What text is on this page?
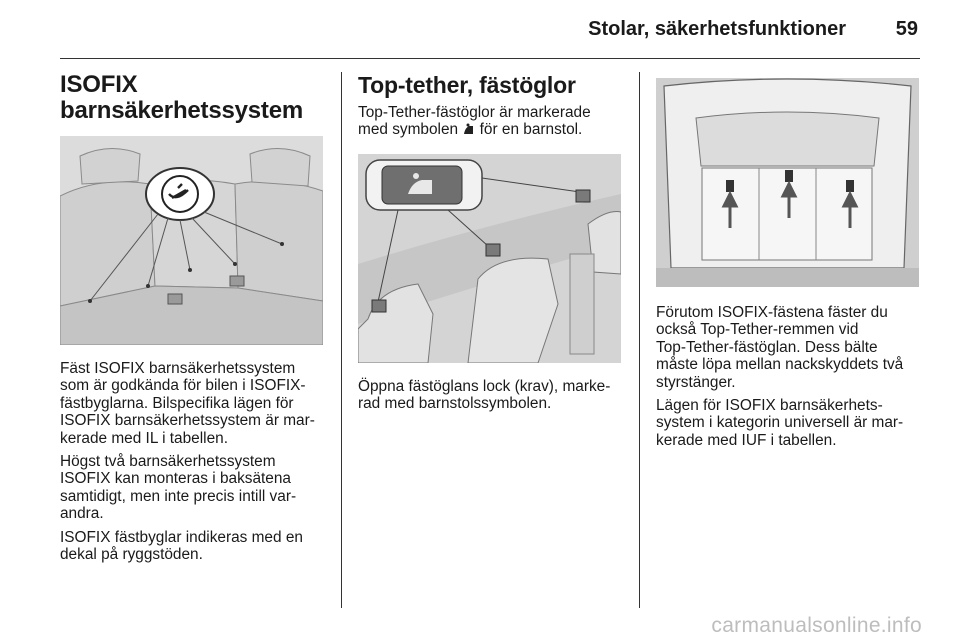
Stolar, säkerhetsfunktioner 59
ISOFIX
barnsäkerhetssystem

Fäst ISOFIX barnsäkerhetssystem
som är godkända för bilen i ISOFIX-
fästbyglarna. Bilspecifika lägen för
ISOFIX barnsäkerhetssystem är mar-
kerade med IL i tabellen.

Högst två barnsäkerhetssystem
ISOFIX kan monteras i baksätena
samtidigt, men inte precis intill var-
andra.

ISOFIX fästbyglar indikeras med en
dekal på ryggstöden.

Top-tether, fästöglor

Top-Tether-fästöglor är markerade
med symbolen för en barnstol.

Öppna fästöglans lock (krav), marke-
rad med barnstolssymbolen.

Förutom ISOFIX-fästena fäster du
också Top-Tether-remmen vid
Top-Tether-fästöglan. Dess bälte
måste löpa mellan nackskyddets två
styrstänger.

Lägen för ISOFIX barnsäkerhets-
system i kategorin universell är mar-
kerade med IUF i tabellen.

carmanualsonline.info
